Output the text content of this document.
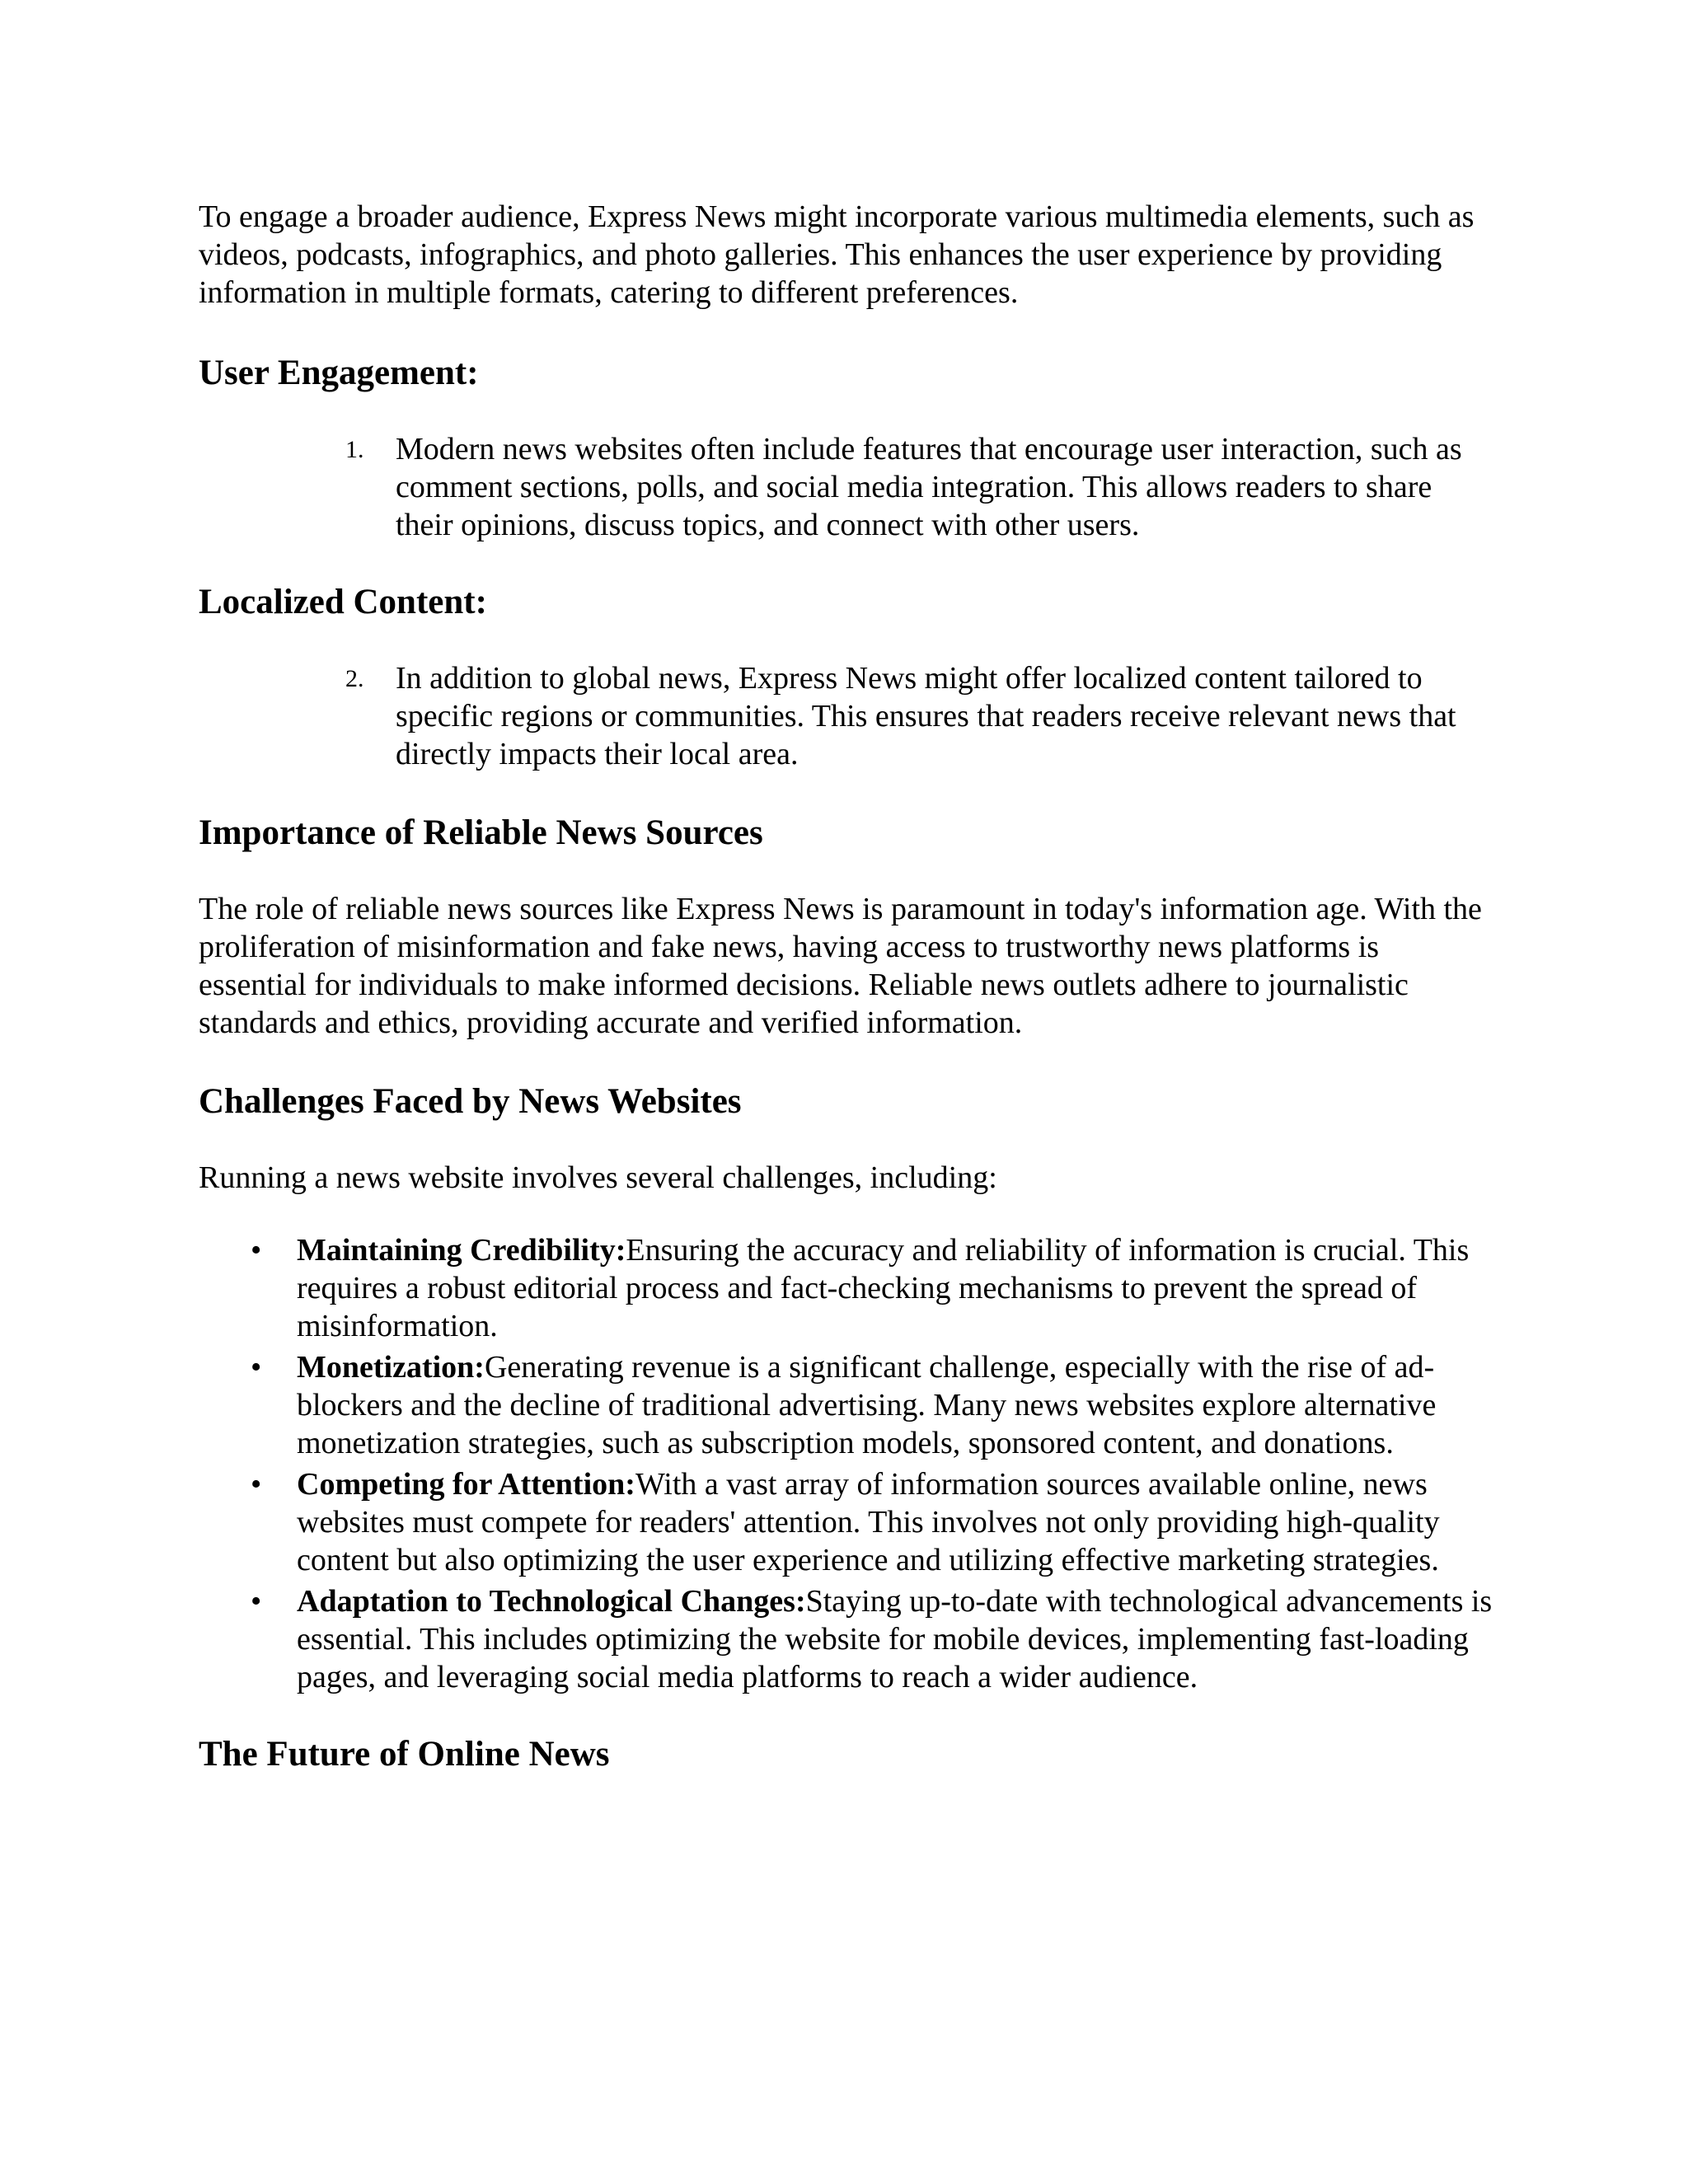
To engage a broader audience, Express News might incorporate various multimedia elements, such as videos, podcasts, infographics, and photo galleries. This enhances the user experience by providing information in multiple formats, catering to different preferences.

User Engagement:
1. Modern news websites often include features that encourage user interaction, such as comment sections, polls, and social media integration. This allows readers to share their opinions, discuss topics, and connect with other users.
Localized Content:
2. In addition to global news, Express News might offer localized content tailored to specific regions or communities. This ensures that readers receive relevant news that directly impacts their local area.
Importance of Reliable News Sources

The role of reliable news sources like Express News is paramount in today's information age. With the proliferation of misinformation and fake news, having access to trustworthy news platforms is essential for individuals to make informed decisions. Reliable news outlets adhere to journalistic standards and ethics, providing accurate and verified information.

Challenges Faced by News Websites

Running a news website involves several challenges, including:

• Maintaining Credibility:Ensuring the accuracy and reliability of information is crucial. This requires a robust editorial process and fact-checking mechanisms to prevent the spread of misinformation.
• Monetization:Generating revenue is a significant challenge, especially with the rise of ad-blockers and the decline of traditional advertising. Many news websites explore alternative monetization strategies, such as subscription models, sponsored content, and donations.
• Competing for Attention:With a vast array of information sources available online, news websites must compete for readers' attention. This involves not only providing high-quality content but also optimizing the user experience and utilizing effective marketing strategies.
• Adaptation to Technological Changes:Staying up-to-date with technological advancements is essential. This includes optimizing the website for mobile devices, implementing fast-loading pages, and leveraging social media platforms to reach a wider audience.
The Future of Online News
